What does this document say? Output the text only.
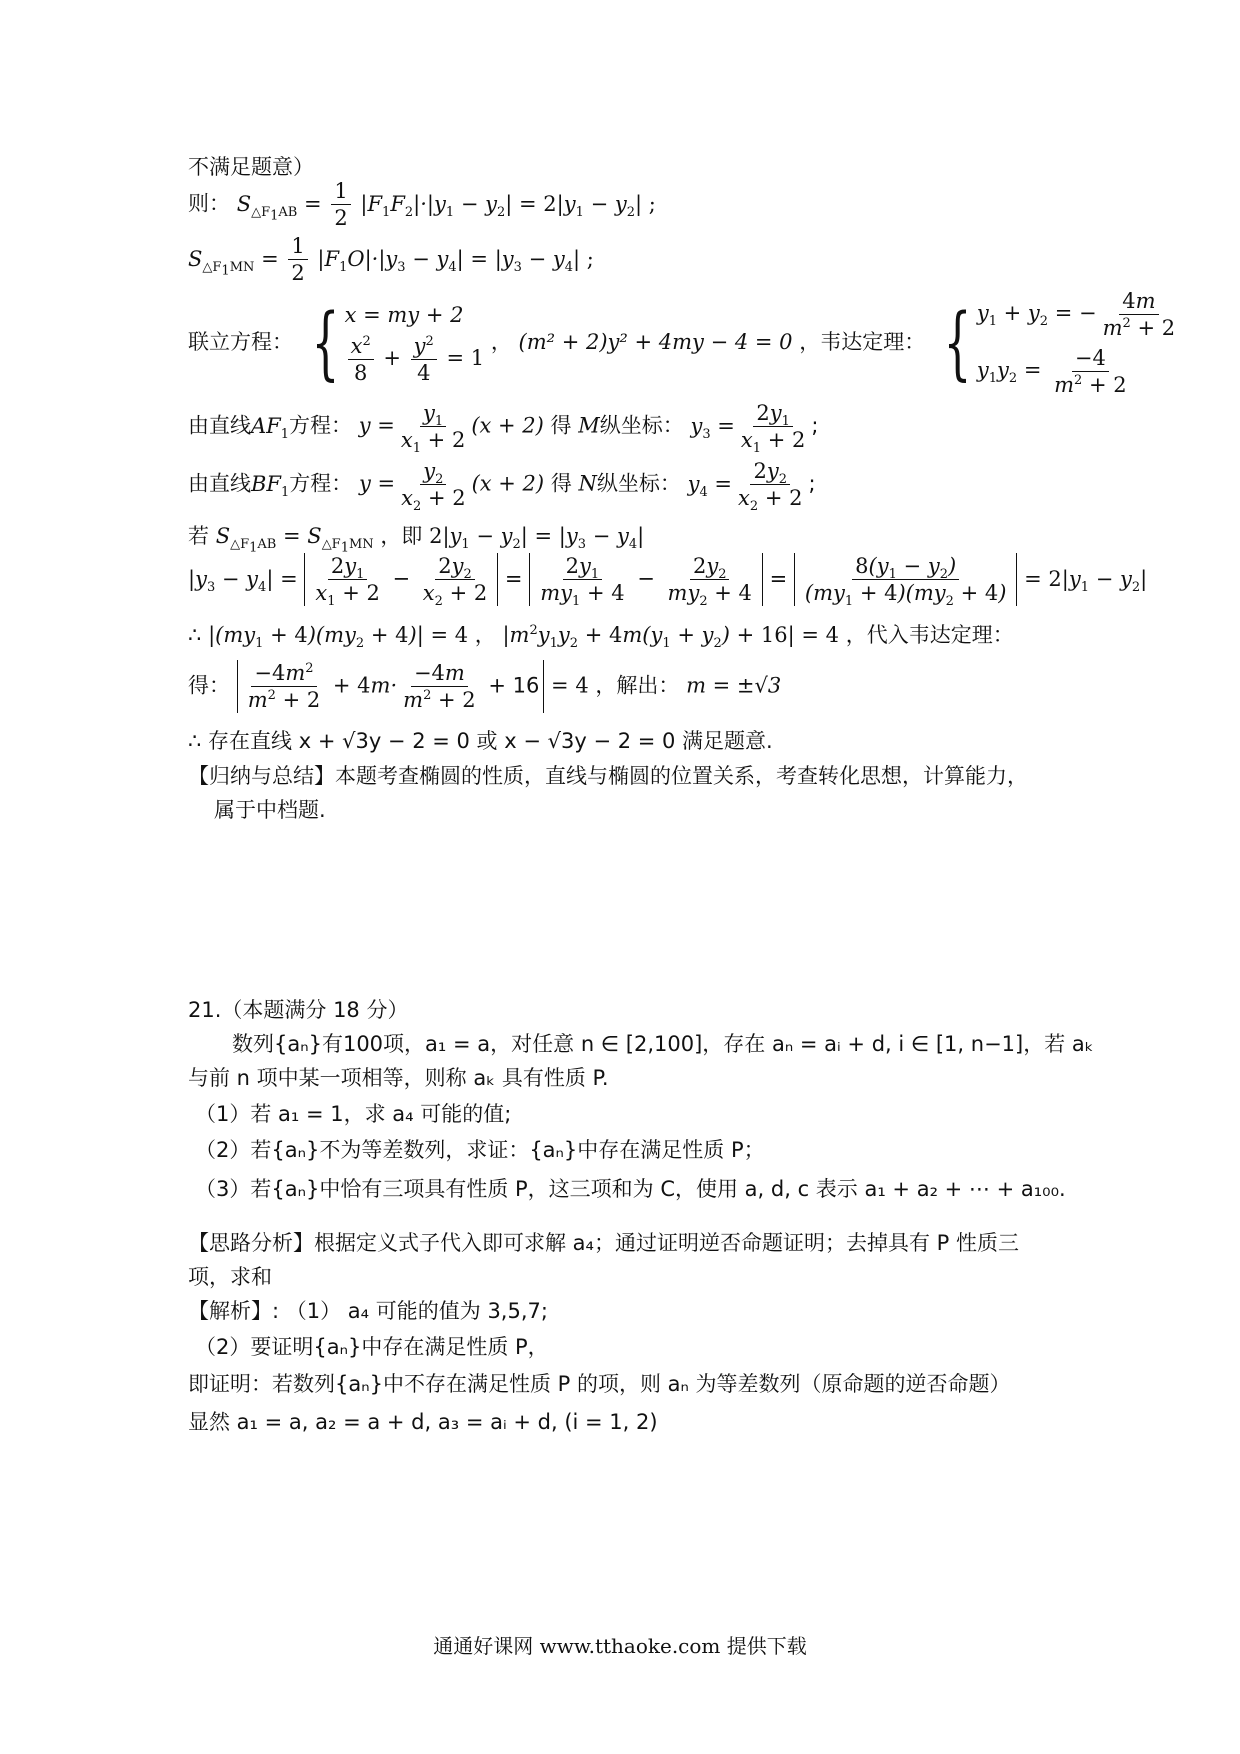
不满足题意）
则： $S_{\triangle F_1AB} = \frac{1}{2} |F_1F_2|\cdot|y_1 - y_2| = 2|y_1 - y_2|$ ;
$S_{\triangle F_1MN} = \frac{1}{2} |F_1O|\cdot|y_3 - y_4| = |y_3 - y_4|$ ;
联立方程： { x = my + 2
$\frac{x^2}{8} + \frac{y^2}{4} = 1$
， (m² + 2)y² + 4my − 4 = 0 ，韦达定理： { $y_1 + y_2$ = − $\frac{4m}{m^2 + 2}$
$y_1y_2 = \frac{-4}{m^2 + 2}$
由直线$AF_1$方程： $y = \frac{y_1}{x_1 + 2} (x + 2)$ 得 M纵坐标： $y_3 = \frac{2y_1}{x_1 + 2}$ ;
由直线$BF_1$方程： $y = \frac{y_2}{x_2 + 2} (x + 2)$ 得 N纵坐标： $y_4 = \frac{2y_2}{x_2 + 2}$ ;
若 $S_{\triangle F_1AB} = S_{\triangle F_1MN}$ ，即 $2|y_1 - y_2| = |y_3 - y_4|$
$|y_3 - y_4| = \frac{2y_1}{x_1 + 2} - \frac{2y_2}{x_2 + 2} = \frac{2y_1}{my_1 + 4} - \frac{2y_2}{my_2 + 4} = \frac{8(y_1 - y_2)}{(my_1 + 4)(my_2 + 4)} = 2|y_1 - y_2|$
∴ $|(my_1 + 4)(my_2 + 4)| = 4$ ， $|m^2y_1y_2 + 4m(y_1 + y_2) + 16| = 4$ ，代入韦达定理：
得： $\frac{-4m^2}{m^2 + 2} + 4m\cdot \frac{-4m}{m^2 + 2} + 16 = 4$ ，解出： m = ±√3
∴ 存在直线 x + √3y − 2 = 0 或 x − √3y − 2 = 0 满足题意.
【归纳与总结】本题考查椭圆的性质，直线与椭圆的位置关系，考查转化思想，计算能力，
属于中档题.
21.（本题满分 18 分）
数列{aₙ}有100项，a₁ = a，对任意 n ∈ [2,100]，存在 aₙ = aᵢ + d, i ∈ [1, n−1]，若 aₖ
与前 n 项中某一项相等，则称 aₖ 具有性质 P.
（1）若 a₁ = 1，求 a₄ 可能的值;
（2）若{aₙ}不为等差数列，求证：{aₙ}中存在满足性质 P；
（3）若{aₙ}中恰有三项具有性质 P，这三项和为 C，使用 a, d, c 表示 a₁ + a₂ + ⋯ + a₁₀₀.
【思路分析】根据定义式子代入即可求解 a₄；通过证明逆否命题证明；去掉具有 P 性质三
项，求和
【解析】: （1） a₄ 可能的值为 3,5,7;
（2）要证明{aₙ}中存在满足性质 P，
即证明：若数列{aₙ}中不存在满足性质 P 的项，则 aₙ 为等差数列（原命题的逆否命题）
显然 a₁ = a, a₂ = a + d, a₃ = aᵢ + d, (i = 1, 2)
通通好课网 www.tthaoke.com 提供下载
